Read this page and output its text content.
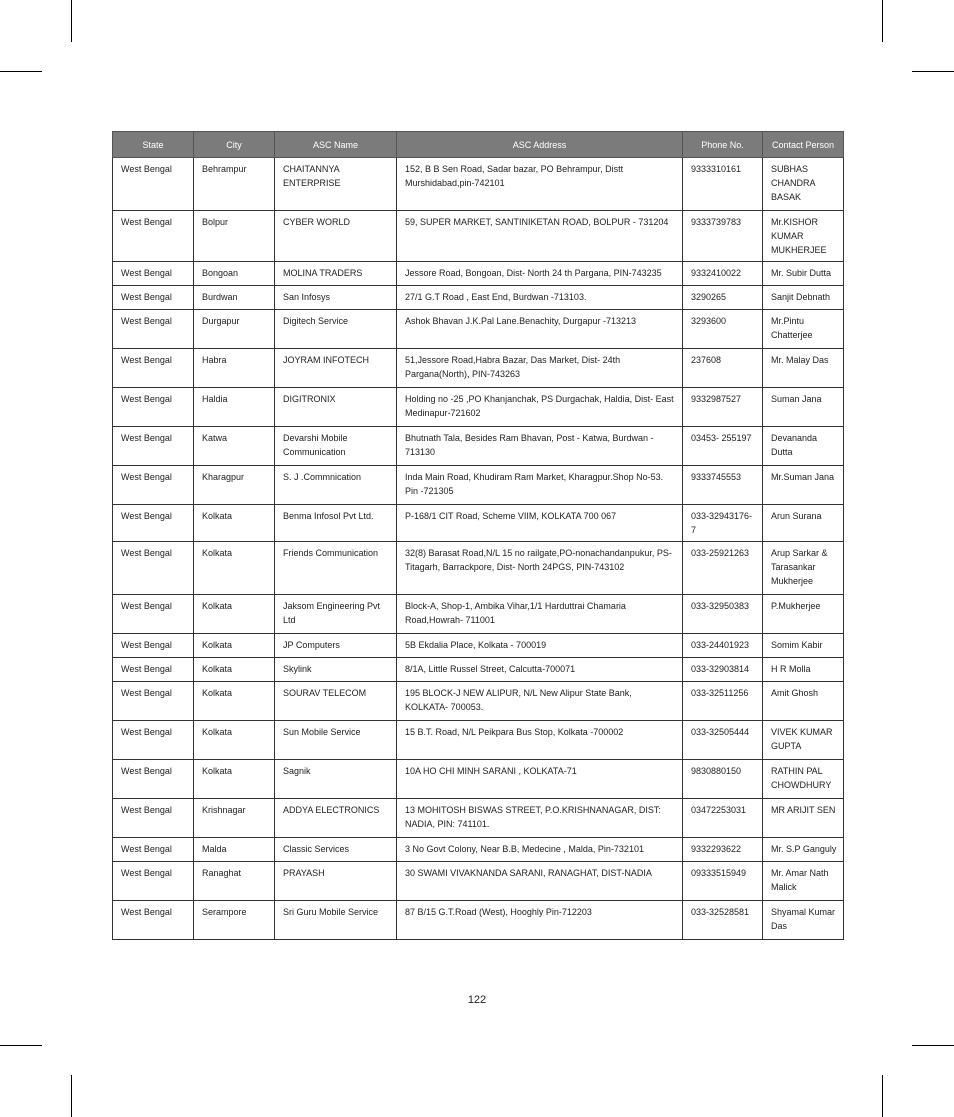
State	City	ASC Name	ASC Address	Phone No.	Contact Person

West Bengal	Behrampur	CHAITANNYA ENTERPRISE	152, B B Sen Road, Sadar bazar, PO Behrampur, Distt Murshidabad,pin-742101	9333310161	SUBHAS CHANDRA BASAK

West Bengal	Bolpur	CYBER WORLD	59, SUPER MARKET, SANTINIKETAN ROAD, BOLPUR - 731204	9333739783	Mr.KISHOR KUMAR MUKHERJEE

West Bengal	Bongoan	MOLINA TRADERS	Jessore Road, Bongoan, Dist- North 24 th Pargana, PIN-743235	9332410022	Mr. Subir Dutta

West Bengal	Burdwan	San Infosys	27/1 G.T Road , East End, Burdwan -713103.	3290265	Sanjit Debnath

West Bengal	Durgapur	Digitech Service	Ashok Bhavan J.K.Pal Lane.Benachity, Durgapur -713213	3293600	Mr.Pintu Chatterjee

West Bengal	Habra	JOYRAM INFOTECH	51,Jessore Road,Habra Bazar, Das Market, Dist- 24th Pargana(North), PIN-743263	237608	Mr. Malay Das

West Bengal	Haldia	DIGITRONIX	Holding no -25 ,PO Khanjanchak, PS Durgachak, Haldia, Dist- East Medinapur-721602	9332987527	Suman Jana

West Bengal	Katwa	Devarshi Mobile Communication	Bhutnath Tala, Besides Ram Bhavan, Post - Katwa, Burdwan - 713130	03453- 255197	Devananda Dutta

West Bengal	Kharagpur	S. J .Commnication	Inda Main Road, Khudiram Ram Market, Kharagpur.Shop No-53. Pin -721305	9333745553	Mr.Suman Jana

West Bengal	Kolkata	Benma Infosol Pvt Ltd.	P-168/1 CIT Road, Scheme VIIM, KOLKATA 700 067	033-32943176-7	Arun Surana

West Bengal	Kolkata	Friends Communication	32(8) Barasat Road,N/L 15 no railgate,PO-nonachandanpukur, PS- Titagarh, Barrackpore, Dist- North 24PGS, PIN-743102	033-25921263	Arup Sarkar & Tarasankar Mukherjee

West Bengal	Kolkata	Jaksom Engineering Pvt Ltd	Block-A, Shop-1, Ambika Vihar,1/1 Harduttrai Chamaria Road,Howrah- 711001	033-32950383	P.Mukherjee

West Bengal	Kolkata	JP Computers	5B Ekdalia Place, Kolkata - 700019	033-24401923	Somim Kabir

West Bengal	Kolkata	Skylink	8/1A, Little Russel Street, Calcutta-700071	033-32903814	H R Molla

West Bengal	Kolkata	SOURAV TELECOM	195 BLOCK-J NEW ALIPUR, N/L New Alipur State Bank, KOLKATA- 700053.	033-32511256	Amit Ghosh

West Bengal	Kolkata	Sun Mobile Service	15 B.T. Road, N/L Peikpara Bus Stop, Kolkata -700002	033-32505444	VIVEK KUMAR GUPTA

West Bengal	Kolkata	Sagnik	10A HO CHI MINH SARANI , KOLKATA-71	9830880150	RATHIN PAL CHOWDHURY

West Bengal	Krishnagar	ADDYA ELECTRONICS	13 MOHITOSH BISWAS STREET, P.O.KRISHNANAGAR, DIST: NADIA, PIN: 741101.	03472253031	MR ARIJIT SEN

West Bengal	Malda	Classic Services	3 No Govt Colony, Near B.B, Medecine , Malda, Pin-732101	9332293622	Mr. S.P Ganguly

West Bengal	Ranaghat	PRAYASH	30 SWAMI VIVAKNANDA SARANI, RANAGHAT, DIST-NADIA	09333515949	Mr. Amar Nath Malick

West Bengal	Serampore	Sri Guru Mobile Service	87 B/15 G.T.Road (West), Hooghly Pin-712203	033-32528581	Shyamal Kumar Das
122
